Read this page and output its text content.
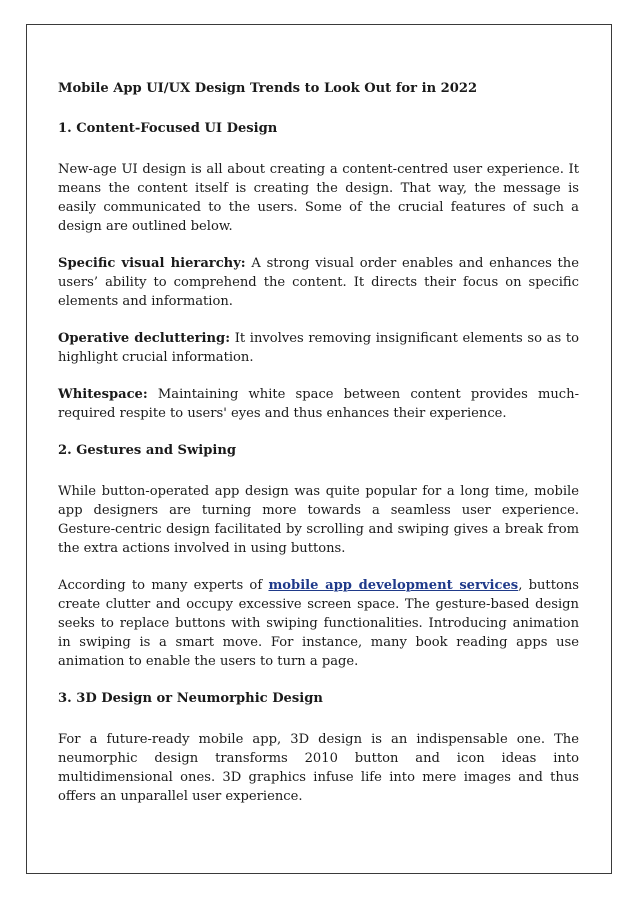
Mobile App UI/UX Design Trends to Look Out for in 2022
1. Content-Focused UI Design

New-age UI design is all about creating a content-centred user experience. It means the content itself is creating the design. That way, the message is easily communicated to the users. Some of the crucial features of such a design are outlined below.

Specific visual hierarchy: A strong visual order enables and enhances the users’ ability to comprehend the content. It directs their focus on specific elements and information.

Operative decluttering: It involves removing insignificant elements so as to highlight crucial information.

Whitespace: Maintaining white space between content provides much-required respite to users' eyes and thus enhances their experience.

2. Gestures and Swiping

While button-operated app design was quite popular for a long time, mobile app designers are turning more towards a seamless user experience. Gesture-centric design facilitated by scrolling and swiping gives a break from the extra actions involved in using buttons.

According to many experts of mobile app development services, buttons create clutter and occupy excessive screen space. The gesture-based design seeks to replace buttons with swiping functionalities. Introducing animation in swiping is a smart move. For instance, many book reading apps use animation to enable the users to turn a page.

3. 3D Design or Neumorphic Design

For a future-ready mobile app, 3D design is an indispensable one. The neumorphic design transforms 2010 button and icon ideas into multidimensional ones. 3D graphics infuse life into mere images and thus offers an unparallel user experience.
